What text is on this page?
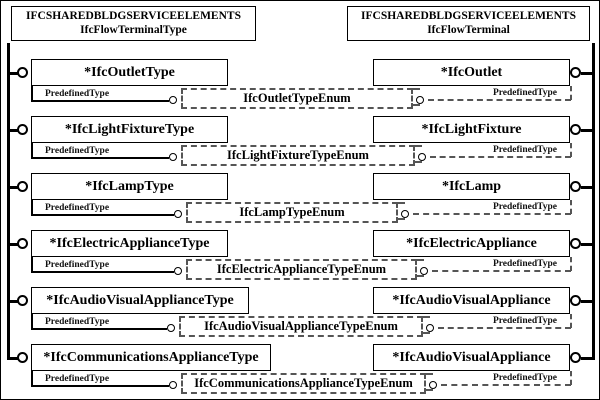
IFCSHAREDBLDGSERVICEELEMENTS
IfcFlowTerminalType
IFCSHAREDBLDGSERVICEELEMENTS
IfcFlowTerminal
*IfcOutletType
PredefinedType	IfcOutletTypeEnum	PredefinedType
*IfcOutlet
*IfcLightFixtureType
PredefinedType	IfcLightFixtureTypeEnum	PredefinedType
*IfcLightFixture
*IfcLampType
PredefinedType	IfcLampTypeEnum	PredefinedType
*IfcLamp
*IfcElectricApplianceType
PredefinedType	IfcElectricApplianceTypeEnum	PredefinedType
*IfcElectricAppliance
*IfcAudioVisualApplianceType
PredefinedType	IfcAudioVisualApplianceTypeEnum	PredefinedType
*IfcAudioVisualAppliance
*IfcCommunicationsApplianceType
PredefinedType	IfcCommunicationsApplianceTypeEnum	PredefinedType
*IfcAudioVisualAppliance
